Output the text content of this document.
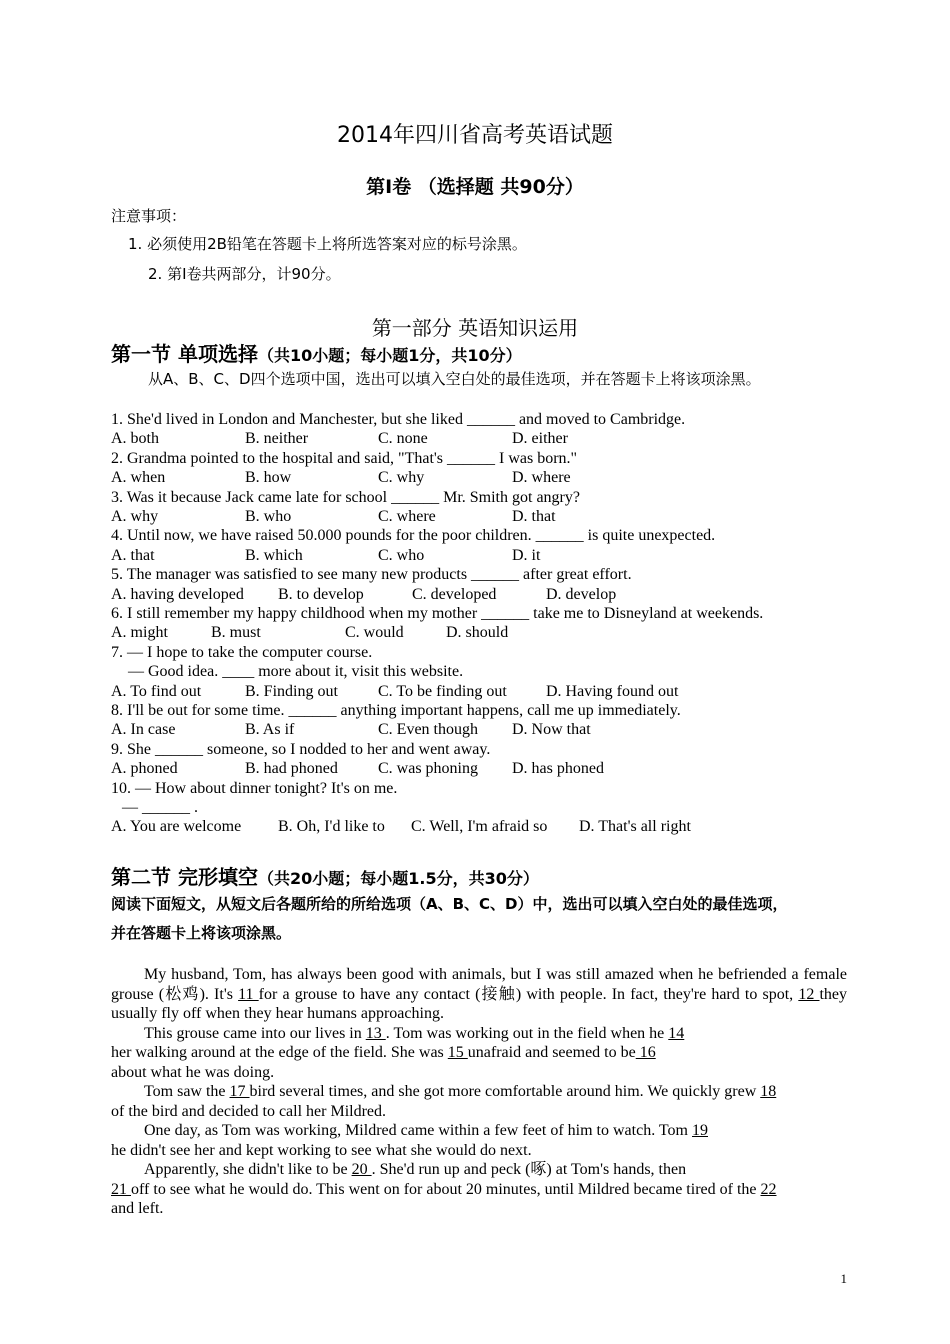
2014年四川省高考英语试题
第Ⅰ卷 （选择题 共90分）
注意事项：
1. 必须使用2B铅笔在答题卡上将所选答案对应的标号涂黑。
2. 第I卷共两部分，计90分。
第一部分 英语知识运用
第一节 单项选择（共10小题；每小题1分，共10分）
从A、B、C、D四个选项中国，选出可以填入空白处的最佳选项，并在答题卡上将该项涂黑。
1. She'd lived in London and Manchester, but she liked ______ and moved to Cambridge.
A. both	B. neither	C. none	D. either
2. Grandma pointed to the hospital and said, "That's ______ I was born."
A. when	B. how	C. why	D. where
3. Was it because Jack came late for school ______ Mr. Smith got angry?
A. why	B. who	C. where	D. that
4. Until now, we have raised 50.000 pounds for the poor children. ______ is quite unexpected.
A. that	B. which	C. who	D. it
5. The manager was satisfied to see many new products ______ after great effort.
A. having developed B. to develop	C. developed	D. develop
6. I still remember my happy childhood when my mother ______ take me to Disneyland at weekends.
A. might	B. must	C. would	D. should
7. — I hope to take the computer course.
— Good idea. ____ more about it, visit this website.
A. To find out	B. Finding out	C. To be finding out D. Having found out
8. I'll be out for some time. ______ anything important happens, call me up immediately.
A. In case	B. As if	C. Even though D. Now that
9. She ______ someone, so I nodded to her and went away.
A. phoned	B. had phoned	C. was phoning D. has phoned
10. — How about dinner tonight? It's on me.
— ______ .
A. You are welcome B. Oh, I'd like to C. Well, I'm afraid so D. That's all right
第二节 完形填空（共20小题；每小题1.5分，共30分）
阅读下面短文，从短文后各题所给的所给选项（A、B、C、D）中，选出可以填入空白处的最佳选项，
并在答题卡上将该项涂黑。

My husband, Tom, has always been good with animals, but I was still amazed when he befriended a female grouse (松鸡). It's 11 for a grouse to have any contact (接触) with people. In fact, they're hard to spot, 12 they usually fly off when they hear humans approaching.

This grouse came into our lives in 13 . Tom was working out in the field when he 14

her walking around at the edge of the field. She was 15 unafraid and seemed to be 16

about what he was doing.

Tom saw the 17 bird several times, and she got more comfortable around him. We quickly grew 18

of the bird and decided to call her Mildred.

One day, as Tom was working, Mildred came within a few feet of him to watch. Tom 19

he didn't see her and kept working to see what she would do next.

Apparently, she didn't like to be 20 . She'd run up and peck (啄) at Tom's hands, then

21 off to see what he would do. This went on for about 20 minutes, until Mildred became tired of the 22

and left.

1
